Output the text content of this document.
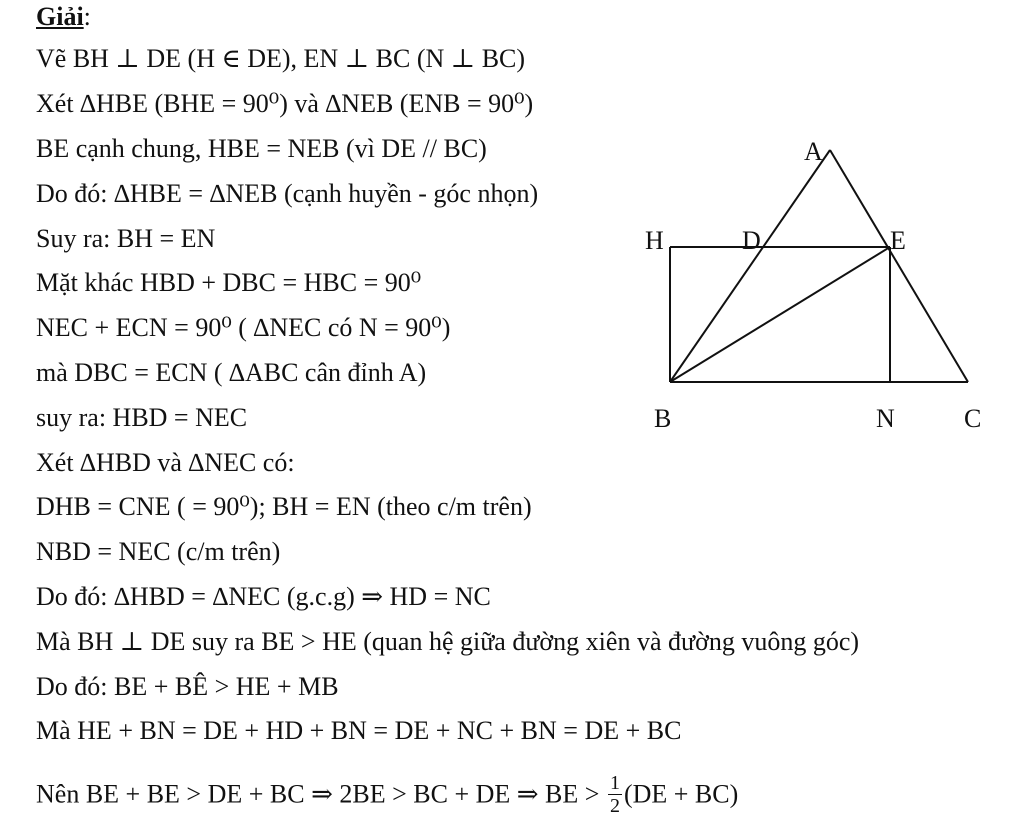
Giải:
Vẽ BH ⊥ DE (H ∈ DE), EN ⊥ BC (N ⊥ BC)
Xét ∆HBE (BHE = 90⁰) và ∆NEB (ENB = 90⁰)
BE cạnh chung, HBE = NEB (vì DE // BC)
Do đó: ∆HBE = ∆NEB (cạnh huyền - góc nhọn)
Suy ra: BH = EN
Mặt khác HBD + DBC = HBC = 90⁰
NEC + ECN = 90⁰ ( ∆NEC có N = 90⁰)
mà DBC = ECN ( ∆ABC cân đỉnh A)
suy ra: HBD = NEC
Xét ∆HBD và ∆NEC có:
DHB = CNE ( = 90⁰); BH = EN (theo c/m trên)
NBD = NEC (c/m trên)
Do đó: ∆HBD = ∆NEC (g.c.g) ⇒ HD = NC
Mà BH ⊥ DE suy ra BE > HE (quan hệ giữa đường xiên và đường vuông góc)
Do đó: BE + BÊ > HE + MB
Mà HE + BN = DE + HD + BN = DE + NC + BN = DE + BC
Nên BE + BE > DE + BC ⇒ 2BE > BC + DE ⇒ BE > $\frac{1}{2} (DE + BC)$
A
H	D	E
B	N	C
